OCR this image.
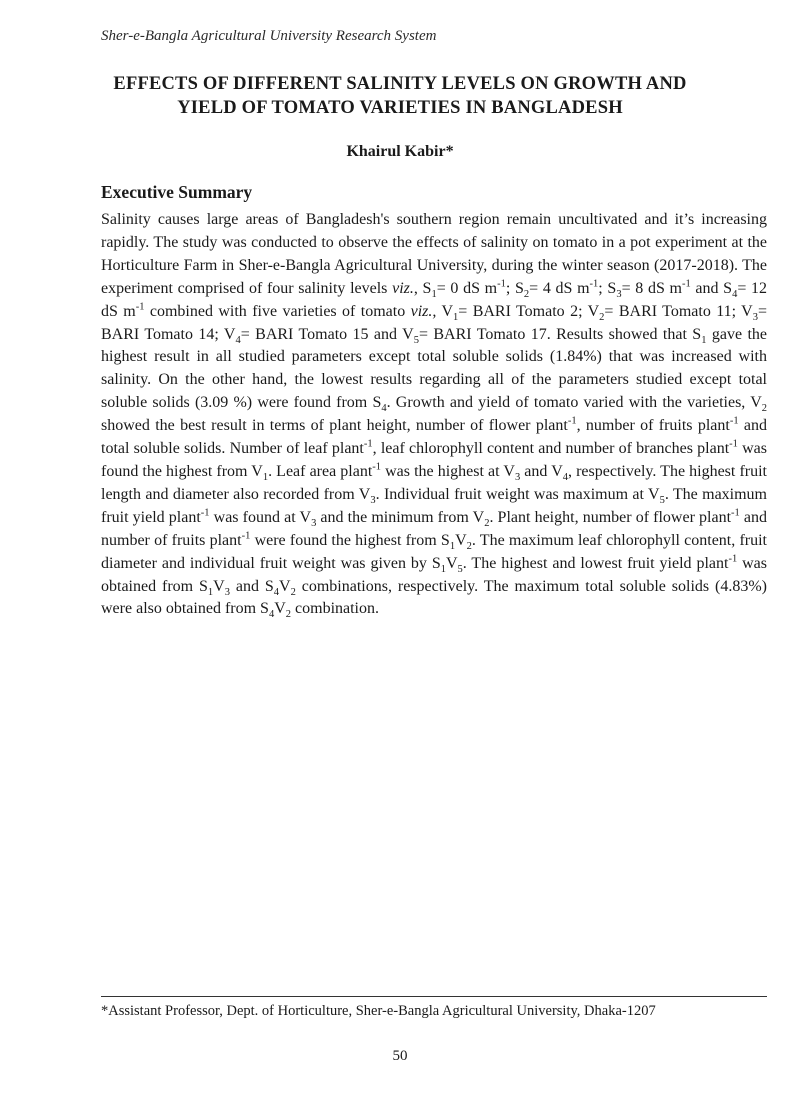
Sher-e-Bangla Agricultural University Research System
EFFECTS OF DIFFERENT SALINITY LEVELS ON GROWTH AND
YIELD OF TOMATO VARIETIES IN BANGLADESH
Khairul Kabir*
Executive Summary

Salinity causes large areas of Bangladesh's southern region remain uncultivated and it’s increasing rapidly. The study was conducted to observe the effects of salinity on tomato in a pot experiment at the Horticulture Farm in Sher-e-Bangla Agricultural University, during the winter season (2017-2018). The experiment comprised of four salinity levels viz., $S_1= 0$ dS $m^{-1}$; $S_2= 4$ dS $m^{-1}$; $S_3= 8$ dS $m^{-1}$ and $S_4= 12$ dS $m^{-1}$ combined with five varieties of tomato viz., $V_1=$ BARI Tomato 2; $V_2=$ BARI Tomato 11; $V_3=$ BARI Tomato 14; $V_4=$ BARI Tomato 15 and $V_5=$ BARI Tomato 17. Results showed that $S_1$ gave the highest result in all studied parameters except total soluble solids (1.84%) that was increased with salinity. On the other hand, the lowest results regarding all of the parameters studied except total soluble solids (3.09 %) were found from $S_4$. Growth and yield of tomato varied with the varieties, $V_2$ showed the best result in terms of plant height, number of flower plant$^{-1}$, number of fruits plant$^{-1}$ and total soluble solids. Number of leaf plant$^{-1}$, leaf chlorophyll content and number of branches plant$^{-1}$ was found the highest from $V_1$. Leaf area plant$^{-1}$ was the highest at $V_3$ and $V_4$, respectively. The highest fruit length and diameter also recorded from $V_3$. Individual fruit weight was maximum at $V_5$. The maximum fruit yield plant$^{-1}$ was found at $V_3$ and the minimum from $V_2$. Plant height, number of flower plant$^{-1}$ and number of fruits plant$^{-1}$ were found the highest from $S_1V_2$. The maximum leaf chlorophyll content, fruit diameter and individual fruit weight was given by $S_1V_5$. The highest and lowest fruit yield plant$^{-1}$ was obtained from $S_1V_3$ and $S_4V_2$ combinations, respectively. The maximum total soluble solids (4.83%) were also obtained from $S_4V_2$ combination.

*Assistant Professor, Dept. of Horticulture, Sher-e-Bangla Agricultural University, Dhaka-1207
50
